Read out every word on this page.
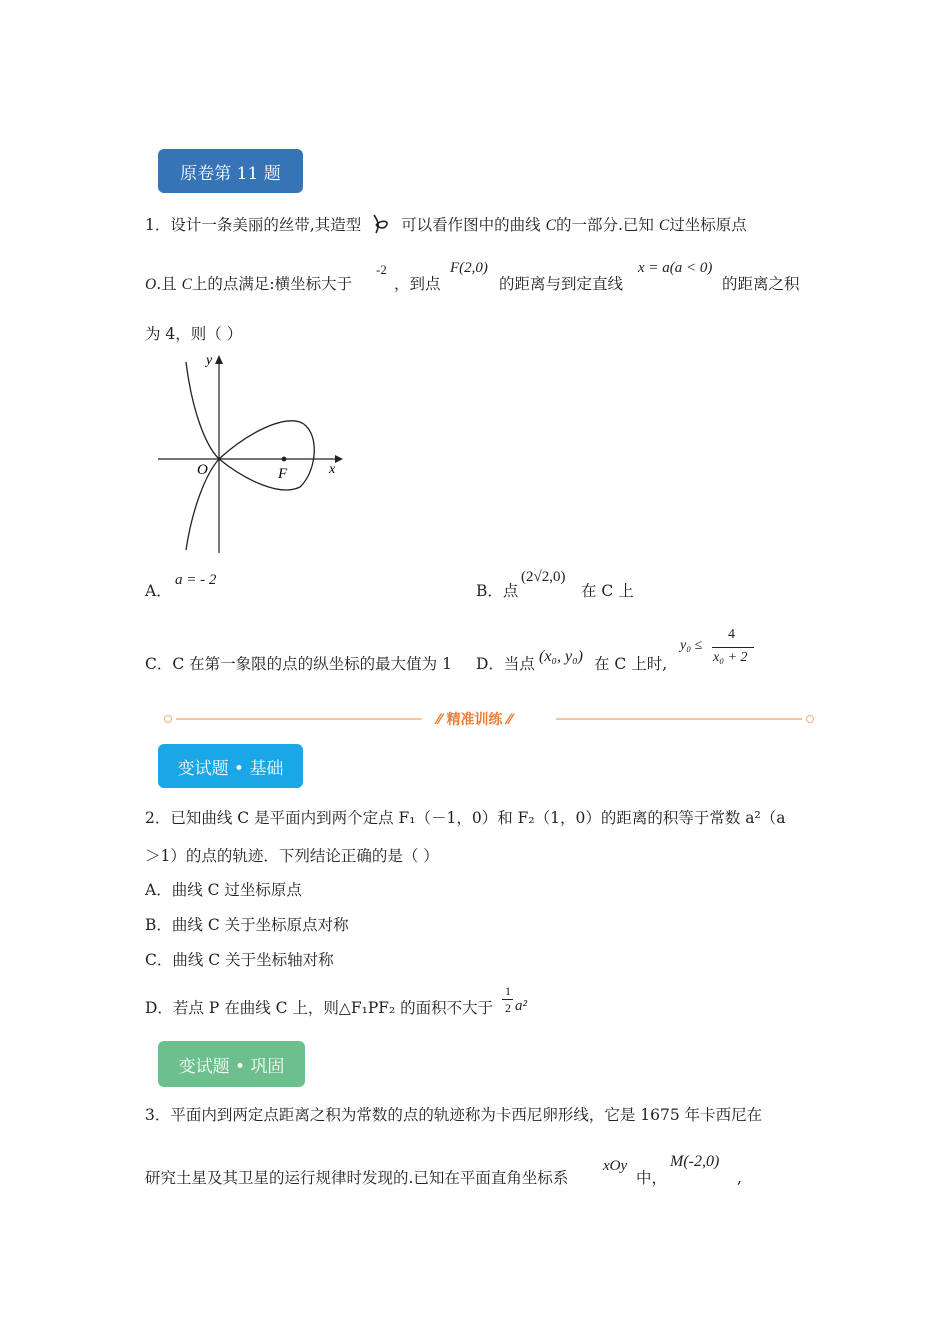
原卷第 11 题
1．设计一条美丽的丝带,其造型	可以看作图中的曲线 C的一部分.已知 C过坐标原点
O.且 C上的点满足:横坐标大于
-2
，到点
F(2,0)
的距离与到定直线
x = a(a < 0)
的距离之积
为 4，则（ ）
y
x
O	F
A．
a = - 2
B．点
(2√2,0)
在 C 上
C．C 在第一象限的点的纵坐标的最大值为 1 D．当点 (x₀, y₀) 在 C 上时,
y₀ ≤
4
x₀ + 2
⁄⁄ 精准训练 ⁄⁄
变试题 • 基础
2．已知曲线 C 是平面内到两个定点 F₁（－1，0）和 F₂（1，0）的距离的积等于常数 a²（a
＞1）的点的轨迹．下列结论正确的是（ ）
A．曲线 C 过坐标原点
B．曲线 C 关于坐标原点对称
C．曲线 C 关于坐标轴对称
D．若点 P 在曲线 C 上，则△F₁PF₂ 的面积不大于
1
2 a²
变试题 • 巩固
3．平面内到两定点距离之积为常数的点的轨迹称为卡西尼卵形线，它是 1675 年卡西尼在
研究土星及其卫星的运行规律时发现的.已知在平面直角坐标系
xOy
中，
M(-2,0)
,
